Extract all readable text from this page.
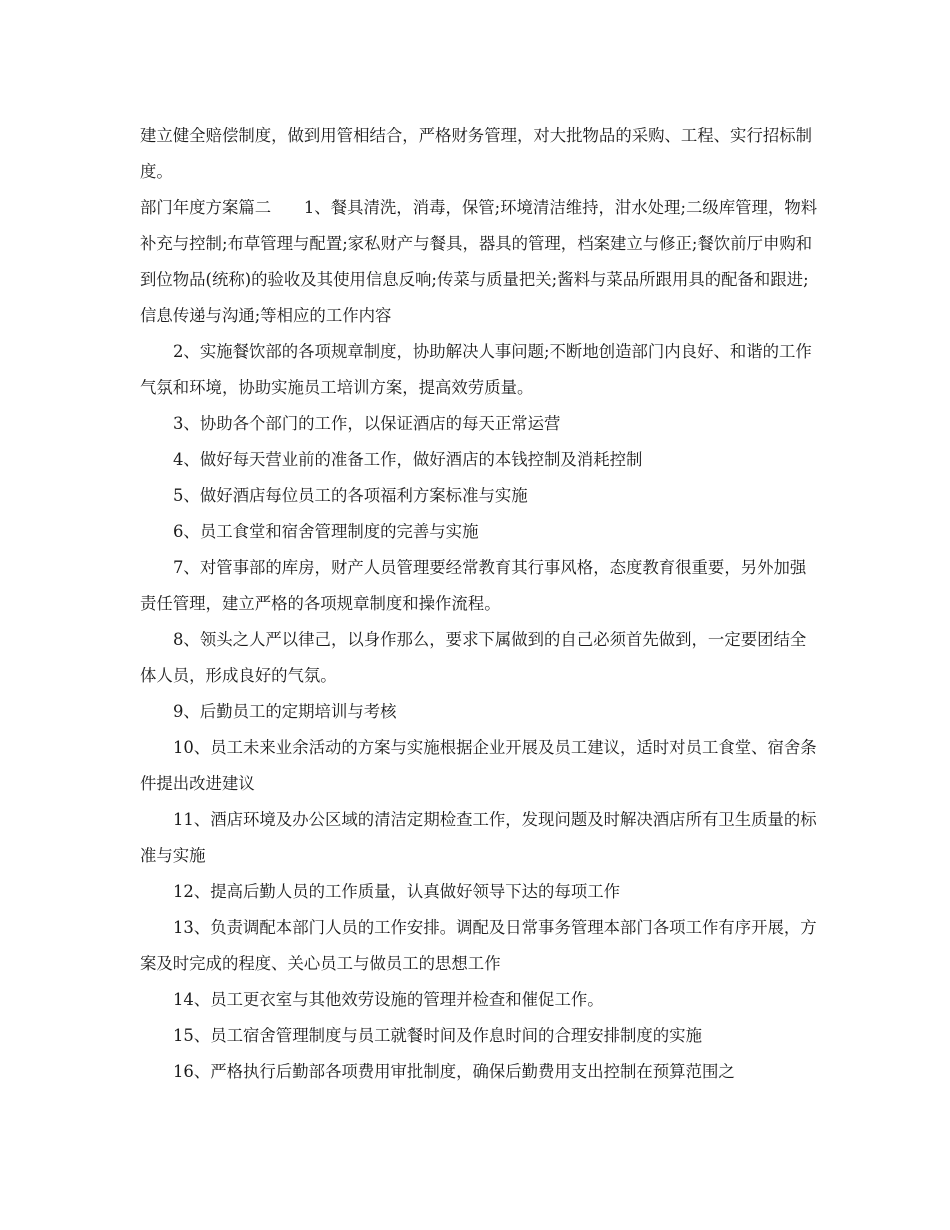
建立健全赔偿制度，做到用管相结合，严格财务管理，对大批物品的采购、工程、实行招标制度。

部门年度方案篇二　　1、餐具清洗，消毒，保管;环境清洁维持，泔水处理;二级库管理，物料补充与控制;布草管理与配置;家私财产与餐具，器具的管理，档案建立与修正;餐饮前厅申购和到位物品(统称)的验收及其使用信息反响;传菜与质量把关;酱料与菜品所跟用具的配备和跟进;信息传递与沟通;等相应的工作内容

2、实施餐饮部的各项规章制度，协助解决人事问题;不断地创造部门内良好、和谐的工作气氛和环境，协助实施员工培训方案，提高效劳质量。

3、协助各个部门的工作，以保证酒店的每天正常运营

4、做好每天营业前的准备工作，做好酒店的本钱控制及消耗控制

5、做好酒店每位员工的各项福利方案标准与实施

6、员工食堂和宿舍管理制度的完善与实施

7、对管事部的库房，财产人员管理要经常教育其行事风格，态度教育很重要，另外加强责任管理，建立严格的各项规章制度和操作流程。

8、领头之人严以律己，以身作那么，要求下属做到的自己必须首先做到，一定要团结全体人员，形成良好的气氛。

9、后勤员工的定期培训与考核

10、员工未来业余活动的方案与实施根据企业开展及员工建议，适时对员工食堂、宿舍条件提出改进建议

11、酒店环境及办公区域的清洁定期检查工作，发现问题及时解决酒店所有卫生质量的标准与实施

12、提高后勤人员的工作质量，认真做好领导下达的每项工作

13、负责调配本部门人员的工作安排。调配及日常事务管理本部门各项工作有序开展，方案及时完成的程度、关心员工与做员工的思想工作

14、员工更衣室与其他效劳设施的管理并检查和催促工作。

15、员工宿舍管理制度与员工就餐时间及作息时间的合理安排制度的实施

16、严格执行后勤部各项费用审批制度，确保后勤费用支出控制在预算范围之
